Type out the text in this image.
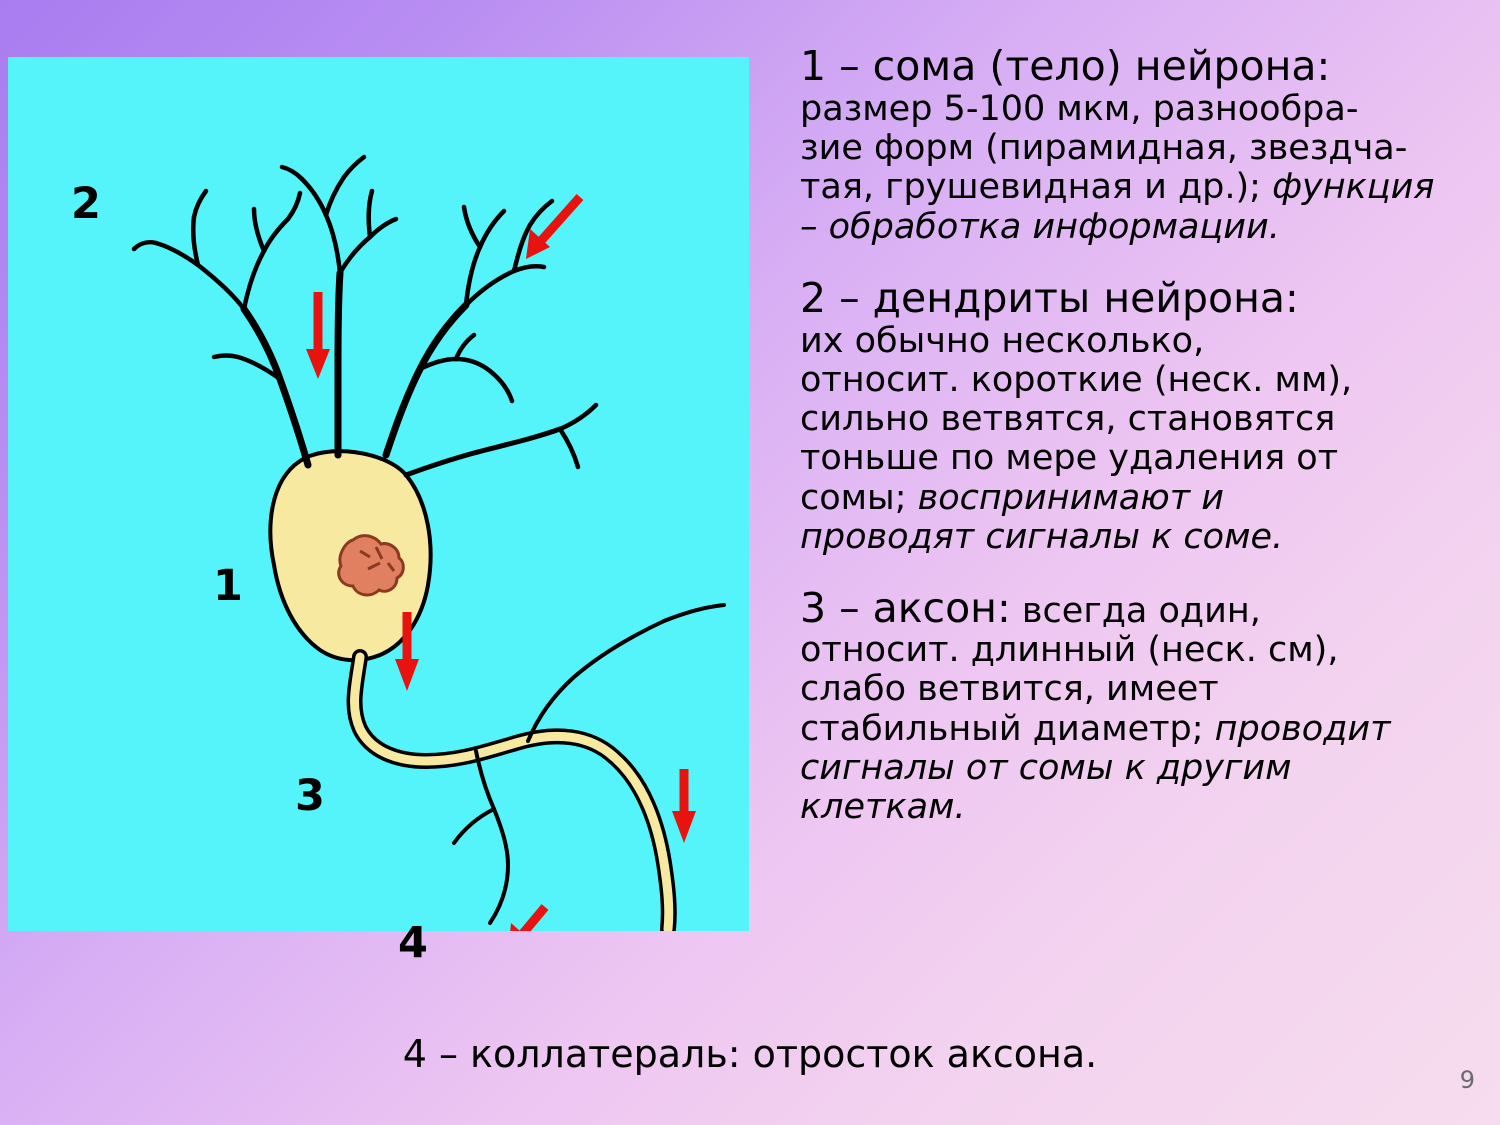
1
2
3
4
1 – сома (тело) нейрона:
размер 5-100 мкм, разнообра-
зие форм (пирамидная, звездча-
тая, грушевидная и др.); функция
– обработка информации.
2 – дендриты нейрона:
их обычно несколько,
относит. короткие (неск. мм),
сильно ветвятся, становятся
тоньше по мере удаления от
сомы; воспринимают и
проводят сигналы к соме.
3 – аксон: всегда один,
относит. длинный (неск. см),
слабо ветвится, имеет
стабильный диаметр; проводит
сигналы от сомы к другим
клеткам.
4 – коллатераль: отросток аксона.
9
